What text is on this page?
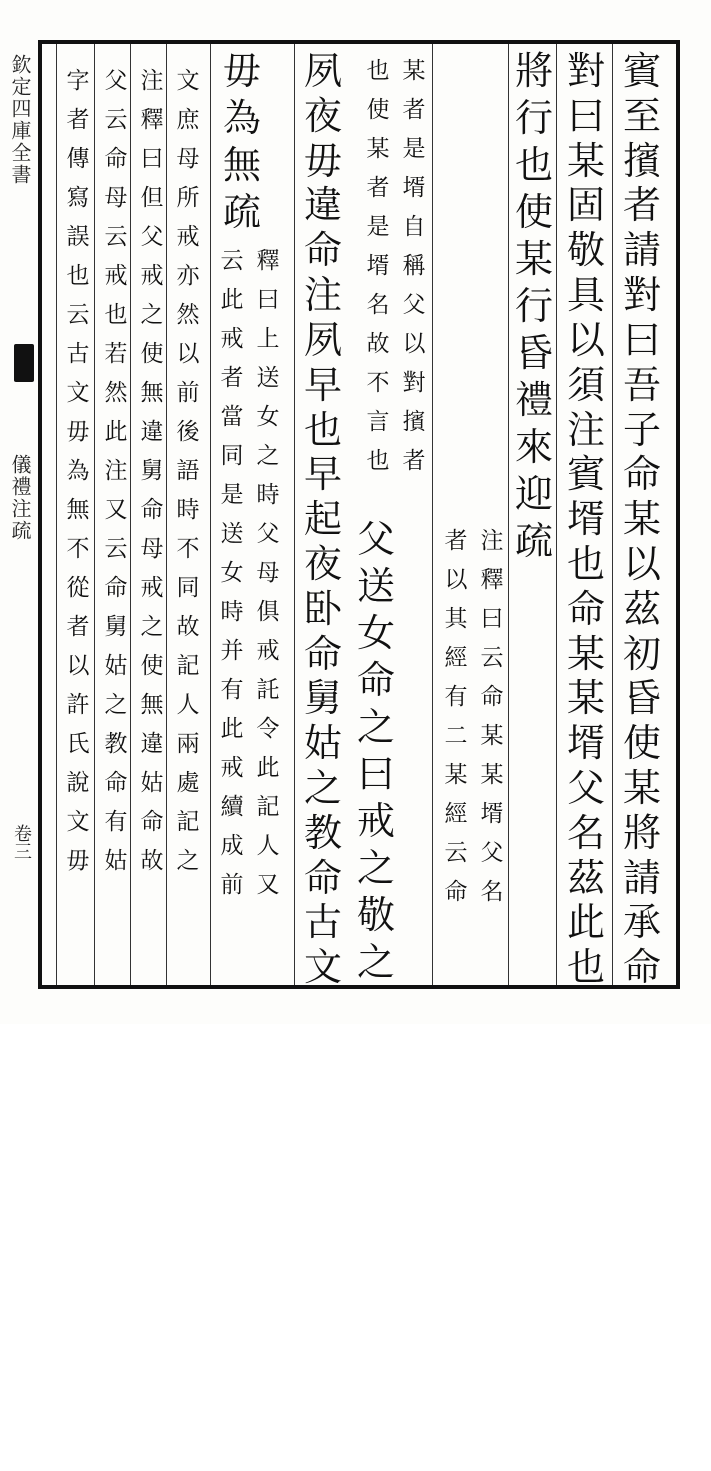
欽定四庫全書
儀禮注疏
卷三
賓
至
擯
者
請
對
曰
吾
子
命
某
以
茲
初
昏
使
某
將
請
承
命
對
曰
某
固
敬
具
以
須
注
賓
壻
也
命
某
某
壻
父
名
茲
此
也
將
行
也
使
某
行
昏
禮
來
迎
疏
注
釋
曰
云
命
某
某
壻
父
名
者
以
其
經
有
二
某
經
云
命
某
者
是
壻
自
稱
父
以
對
擯
者
也
使
某
者
是
壻
名
故
不
言
也
父
送
女
命
之
曰
戒
之
敬
之
夙
夜
毋
違
命
注
夙
早
也
早
起
夜
卧
命
舅
姑
之
教
命
古
文
毋
為
無
疏
釋
曰
上
送
女
之
時
父
母
俱
戒
託
令
此
記
人
又
云
此
戒
者
當
同
是
送
女
時
并
有
此
戒
續
成
前
文
庶
母
所
戒
亦
然
以
前
後
語
時
不
同
故
記
人
兩
處
記
之
注
釋
曰
但
父
戒
之
使
無
違
舅
命
母
戒
之
使
無
違
姑
命
故
父
云
命
母
云
戒
也
若
然
此
注
又
云
命
舅
姑
之
教
命
有
姑
字
者
傳
寫
誤
也
云
古
文
毋
為
無
不
從
者
以
許
氏
說
文
毋
